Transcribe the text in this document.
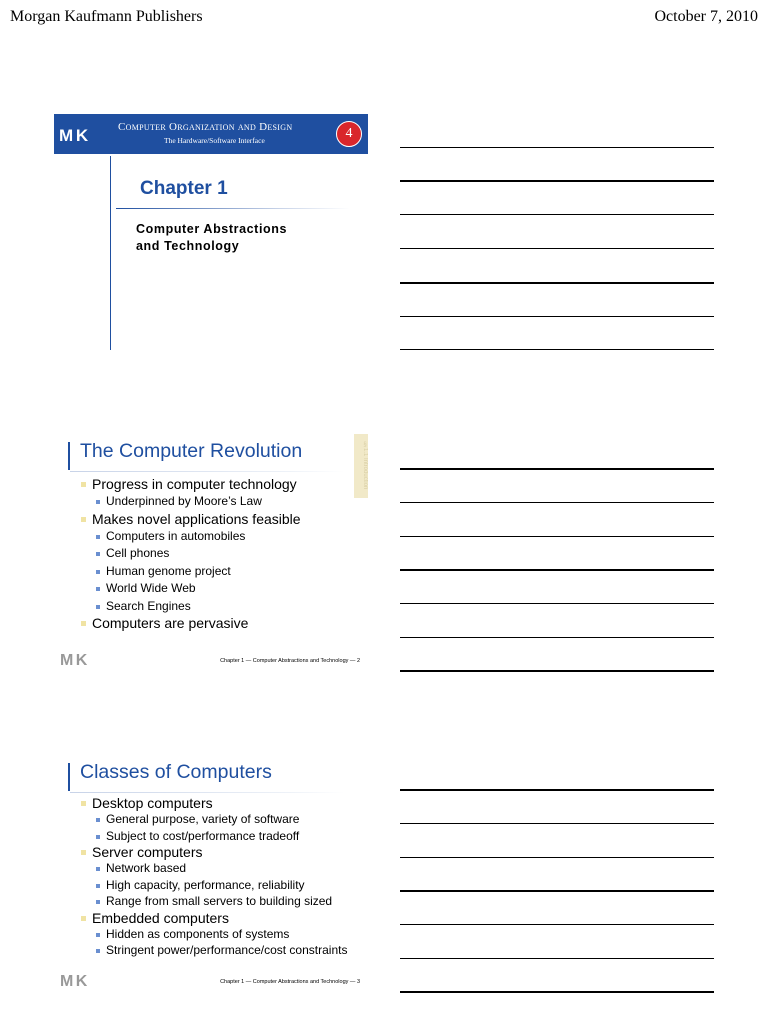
Morgan Kaufmann Publishers	October 7, 2010
M K	Computer Organization and Design
The Hardware/Software Interface	4
Chapter 1
Computer Abstractions
and Technology
The Computer Revolution	§1.1 Introduction
Progress in computer technology
Underpinned by Moore’s Law
Makes novel applications feasible
Computers in automobiles
Cell phones
Human genome project
World Wide Web
Search Engines
Computers are pervasive
M K	Chapter 1 — Computer Abstractions and Technology — 2
Classes of Computers
Desktop computers
General purpose, variety of software
Subject to cost/performance tradeoff
Server computers
Network based
High capacity, performance, reliability
Range from small servers to building sized
Embedded computers
Hidden as components of systems
Stringent power/performance/cost constraints
M K	Chapter 1 — Computer Abstractions and Technology — 3
